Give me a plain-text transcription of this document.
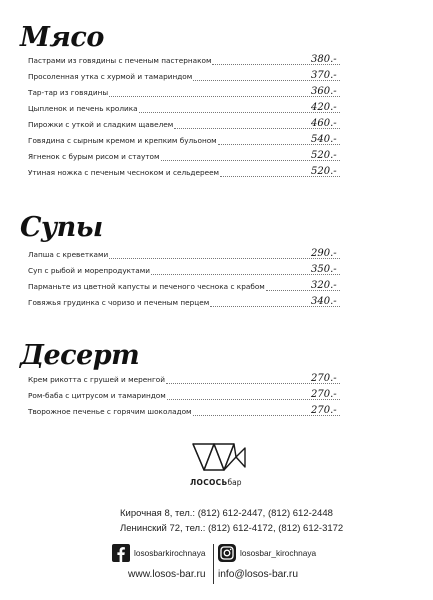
Мясо
Пастрами из говядины с печеным пастернаком	380.-
Просоленная утка с хурмой и тамариндом	370.-
Тар-тар из говядины	360.-
Цыпленок и печень кролика	420.-
Пирожки с уткой и сладким щавелем	460.-
Говядина с сырным кремом и крепким бульоном	540.-
Ягненок с бурым рисом и стаутом	520.-
Утиная ножка с печеным чесноком и сельдереем	520.-
Супы
Лапша с креветками	290.-
Суп с рыбой и морепродуктами	350.-
Парманьте из цветной капусты и печеного чеснока с крабом	320.-
Говяжья грудинка с чоризо и печеным перцем	340.-
Десерт
Крем рикотта с грушей и меренгой	270.-
Ром-баба с цитрусом и тамариндом	270.-
Творожное печенье с горячим шоколадом	270.-
ЛОСОСЬбар
Кирочная 8, тел.: (812) 612-2447, (812) 612-2448
Ленинский 72, тел.: (812) 612-4172, (812) 612-3172
lososbarkirochnaya	lososbar_kirochnaya
www.losos-bar.ru info@losos-bar.ru
